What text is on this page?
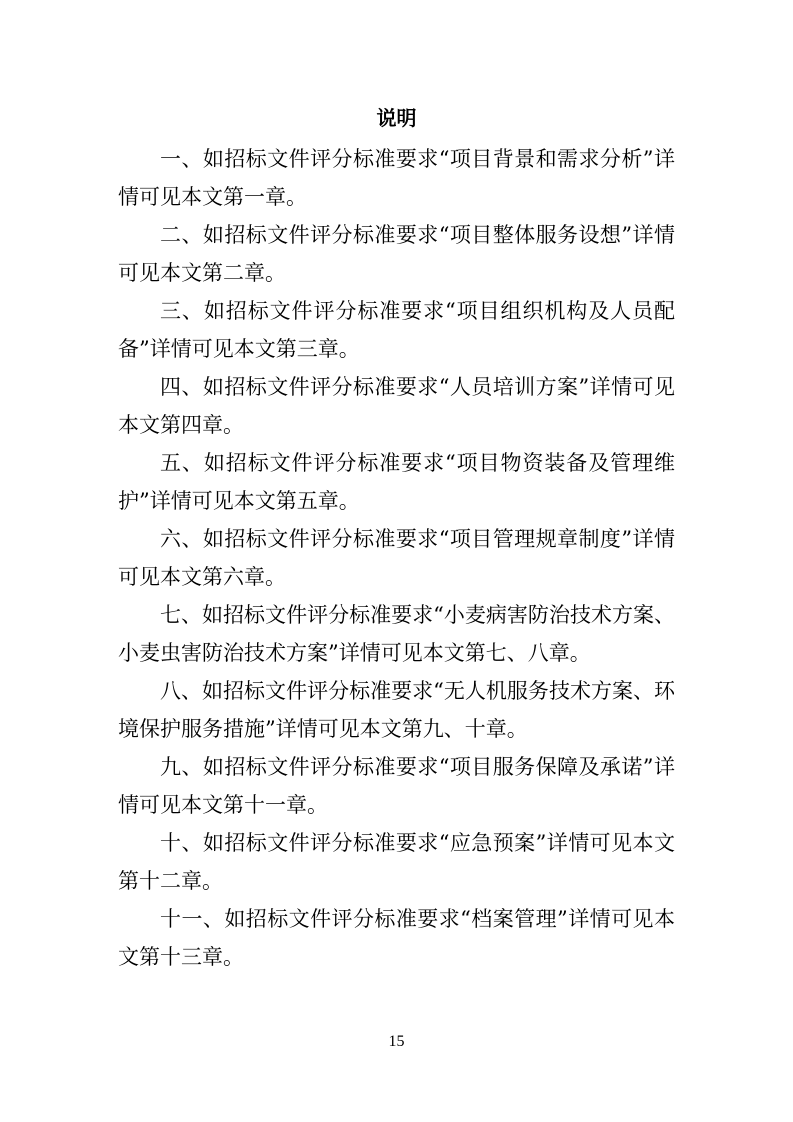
说明

一、如招标文件评分标准要求“项目背景和需求分析”详情可见本文第一章。

二、如招标文件评分标准要求“项目整体服务设想”详情可见本文第二章。

三、如招标文件评分标准要求“项目组织机构及人员配备”详情可见本文第三章。

四、如招标文件评分标准要求“人员培训方案”详情可见本文第四章。

五、如招标文件评分标准要求“项目物资装备及管理维护”详情可见本文第五章。

六、如招标文件评分标准要求“项目管理规章制度”详情可见本文第六章。

七、如招标文件评分标准要求“小麦病害防治技术方案、小麦虫害防治技术方案”详情可见本文第七、八章。

八、如招标文件评分标准要求“无人机服务技术方案、环境保护服务措施”详情可见本文第九、十章。

九、如招标文件评分标准要求“项目服务保障及承诺”详情可见本文第十一章。

十、如招标文件评分标准要求“应急预案”详情可见本文第十二章。

十一、如招标文件评分标准要求“档案管理”详情可见本文第十三章。

15
